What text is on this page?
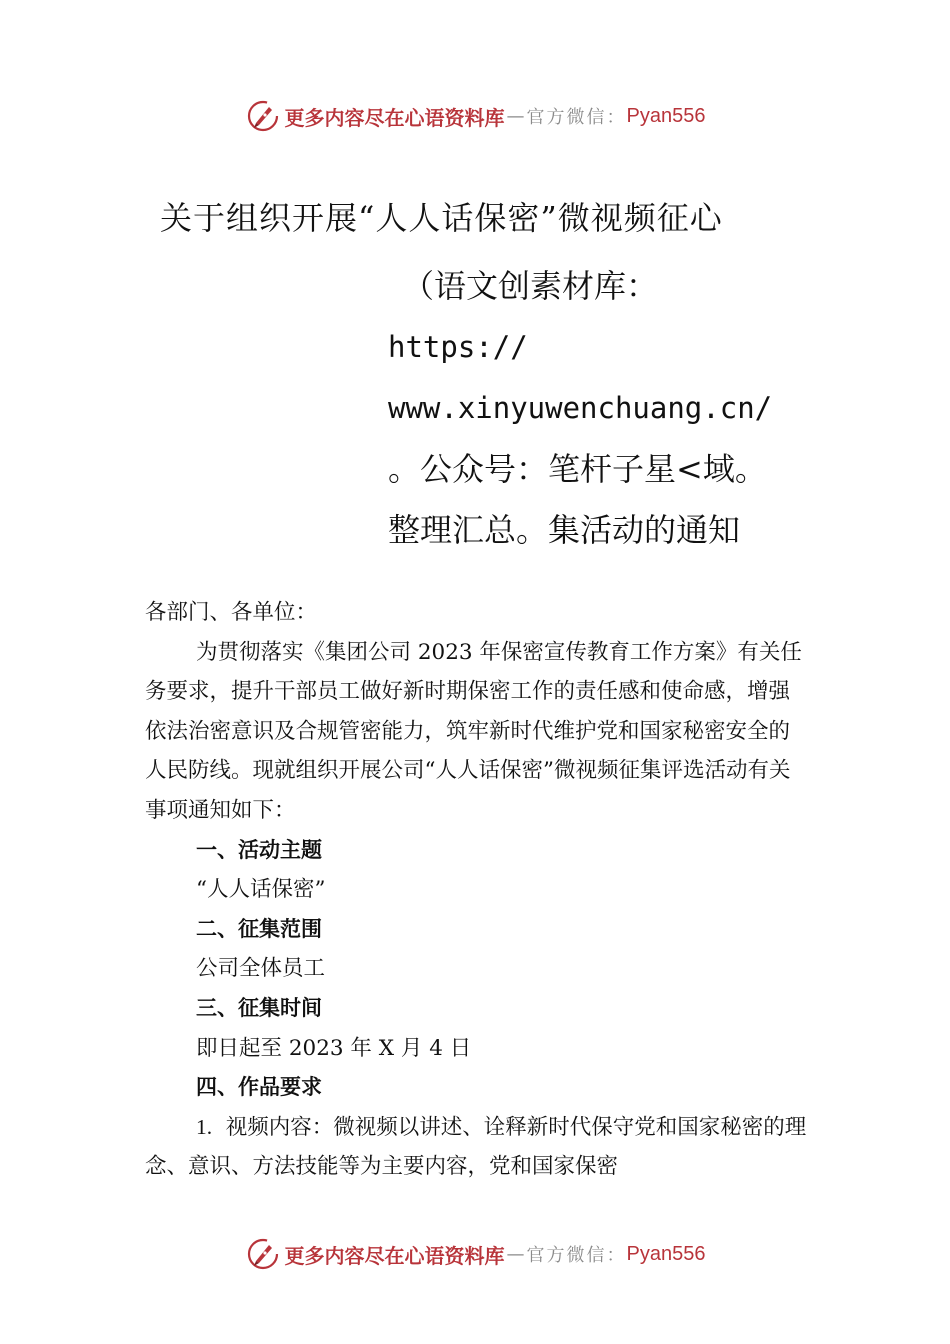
更多内容尽在心语资料库 — 官方微信： Pyan556
关于组织开展“人人话保密”微视频征心
（语文创素材库：
https://
www.xinyuwenchuang.cn/
。公众号：笔杆子星<域。
整理汇总。集活动的通知

各部门、各单位：

为贯彻落实《集团公司 2023 年保密宣传教育工作方案》有关任务要求，提升干部员工做好新时期保密工作的责任感和使命感，增强依法治密意识及合规管密能力，筑牢新时代维护党和国家秘密安全的人民防线。现就组织开展公司“人人话保密”微视频征集评选活动有关事项通知如下：

一、活动主题

“人人话保密”

二、征集范围

公司全体员工

三、征集时间

即日起至 2023 年 X 月 4 日

四、作品要求

1. 视频内容：微视频以讲述、诠释新时代保守党和国家秘密的理念、意识、方法技能等为主要内容，党和国家保密

更多内容尽在心语资料库 — 官方微信： Pyan556
